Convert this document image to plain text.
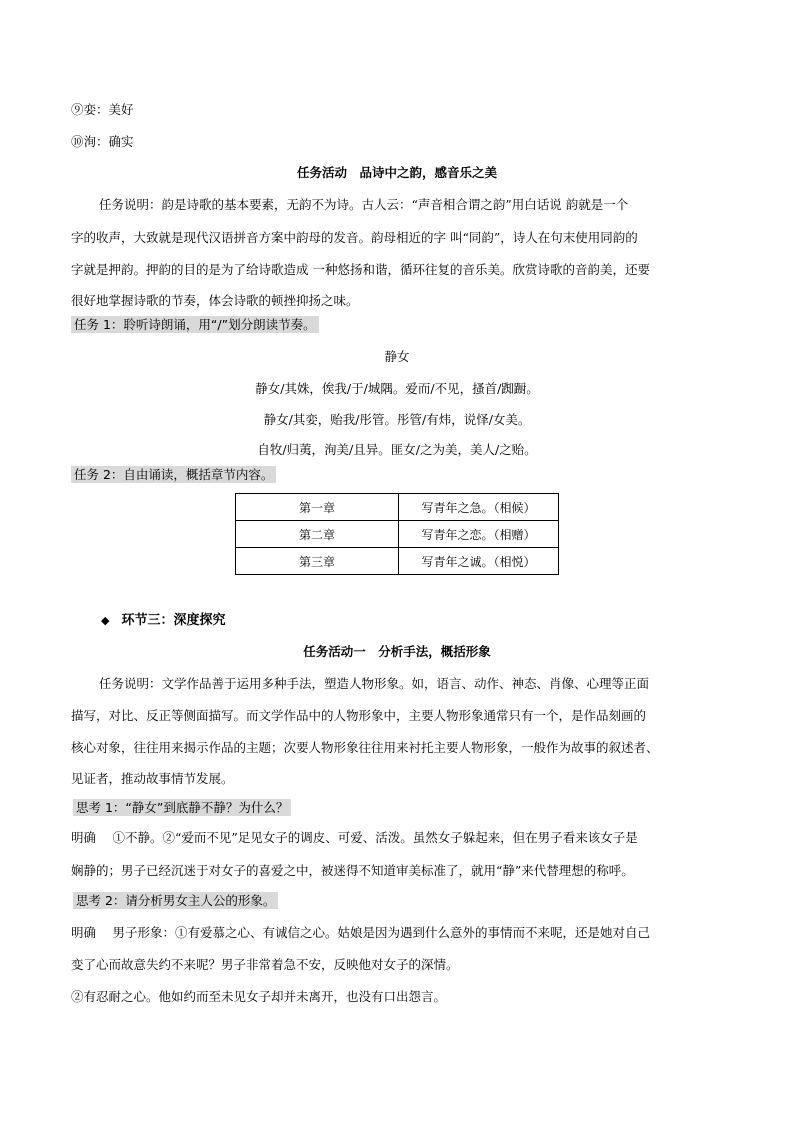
⑨娈：美好
⑩洵：确实
任务活动　品诗中之韵，感音乐之美
任务说明：韵是诗歌的基本要素，无韵不为诗。古人云：“声音相合谓之韵”用白话说 韵就是一个
字的收声，大致就是现代汉语拼音方案中韵母的发音。韵母相近的字 叫“同韵”，诗人在句末使用同韵的
字就是押韵。押韵的目的是为了给诗歌造成 一种悠扬和谐，循环往复的音乐美。欣赏诗歌的音韵美，还要
很好地掌握诗歌的节奏，体会诗歌的顿挫抑扬之味。
任务 1：聆听诗朗诵，用“/”划分朗读节奏。
静女
静女/其姝，俟我/于/城隅。爱而/不见，搔首/踟蹰。
静女/其娈，贻我/彤管。彤管/有炜，说怿/女美。
自牧/归荑，洵美/且异。匪女/之为美，美人/之贻。
任务 2：自由诵读，概括章节内容。
第一章	写青年之急。（相候）
第二章	写青年之恋。（相赠）
第三章	写青年之诚。（相悦）
◆ 环节三：深度探究
任务活动一　分析手法，概括形象
任务说明：文学作品善于运用多种手法，塑造人物形象。如，语言、动作、神态、肖像、心理等正面
描写，对比、反正等侧面描写。而文学作品中的人物形象中，主要人物形象通常只有一个，是作品刻画的
核心对象，往往用来揭示作品的主题；次要人物形象往往用来衬托主要人物形象，一般作为故事的叙述者、
见证者，推动故事情节发展。
思考 1：“静女”到底静不静？为什么？
明确　 ①不静。②“爱而不见”足见女子的调皮、可爱、活泼。虽然女子躲起来，但在男子看来该女子是
娴静的；男子已经沉迷于对女子的喜爱之中，被迷得不知道审美标准了，就用“静”来代替理想的称呼。
思考 2：请分析男女主人公的形象。
明确　 男子形象：①有爱慕之心、有诚信之心。姑娘是因为遇到什么意外的事情而不来呢，还是她对自己
变了心而故意失约不来呢？男子非常着急不安，反映他对女子的深情。
②有忍耐之心。他如约而至未见女子却并未离开，也没有口出怨言。
